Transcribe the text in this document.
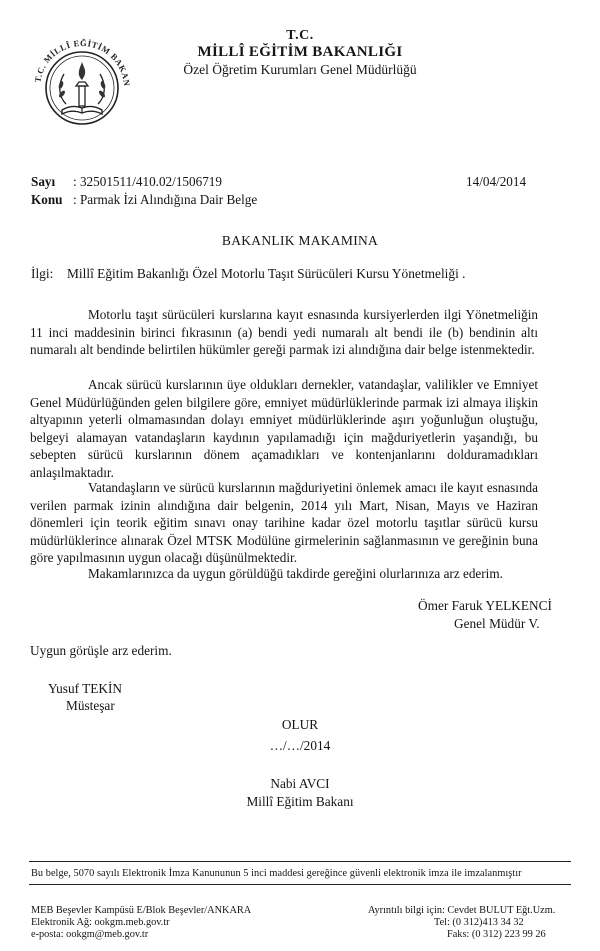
T.C. MİLLÎ EĞİTİM BAKAN
T.C.
MİLLÎ EĞİTİM BAKANLIĞI
Özel Öğretim Kurumları Genel Müdürlüğü
Sayı : 32501511/410.02/1506719
Konu : Parmak İzi Alındığına Dair Belge
14/04/2014
BAKANLIK MAKAMINA
İlgi: Millî Eğitim Bakanlığı Özel Motorlu Taşıt Sürücüleri Kursu Yönetmeliği .
Motorlu taşıt sürücüleri kurslarına kayıt esnasında kursiyerlerden ilgi Yönetmeliğin 11 inci maddesinin birinci fıkrasının (a) bendi yedi numaralı alt bendi ile (b) bendinin altı numaralı alt bendinde belirtilen hükümler gereği parmak izi alındığına dair belge istenmektedir.
Ancak sürücü kurslarının üye oldukları dernekler, vatandaşlar, valilikler ve Emniyet Genel Müdürlüğünden gelen bilgilere göre, emniyet müdürlüklerinde parmak izi almaya ilişkin altyapının yeterli olmamasından dolayı emniyet müdürlüklerinde aşırı yoğunluğun oluştuğu, belgeyi alamayan vatandaşların kaydının yapılamadığı için mağduriyetlerin yaşandığı, bu sebepten sürücü kurslarının dönem açamadıkları ve kontenjanlarını dolduramadıkları anlaşılmaktadır.
Vatandaşların ve sürücü kurslarının mağduriyetini önlemek amacı ile kayıt esnasında verilen parmak izinin alındığına dair belgenin, 2014 yılı Mart, Nisan, Mayıs ve Haziran dönemleri için teorik eğitim sınavı onay tarihine kadar özel motorlu taşıtlar sürücü kursu müdürlüklerince alınarak Özel MTSK Modülüne girmelerinin sağlanmasının ve gereğinin buna göre yapılmasının uygun olacağı düşünülmektedir.
Makamlarınızca da uygun görüldüğü takdirde gereğini olurlarınıza arz ederim.
Ömer Faruk YELKENCİ
Genel Müdür V.
Uygun görüşle arz ederim.
Yusuf TEKİN
Müsteşar
OLUR
…/…/2014
Nabi AVCI
Millî Eğitim Bakanı
Bu belge, 5070 sayılı Elektronik İmza Kanununun 5 inci maddesi gereğince güvenli elektronik imza ile imzalanmıştır
MEB Beşevler Kampüsü E/Blok Beşevler/ANKARA
Elektronik Ağ: ookgm.meb.gov.tr
e-posta: ookgm@meb.gov.tr
Ayrıntılı bilgi için: Cevdet BULUT Eğt.Uzm.
Tel: (0 312)413 34 32
Faks: (0 312) 223 99 26
